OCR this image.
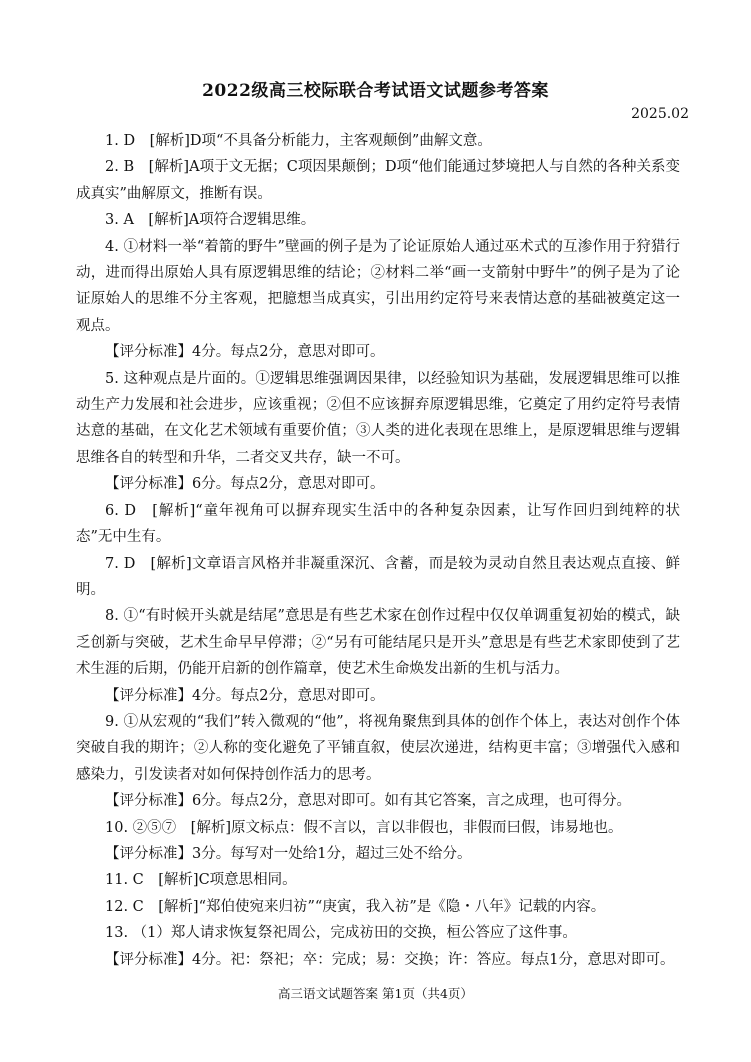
2022级高三校际联合考试语文试题参考答案
2025.02

1. D　[解析]D项“不具备分析能力，主客观颠倒”曲解文意。

2. B　[解析]A项于文无据；C项因果颠倒；D项“他们能通过梦境把人与自然的各种关系变成真实”曲解原文，推断有误。

3. A　[解析]A项符合逻辑思维。

4. ①材料一举“着箭的野牛”壁画的例子是为了论证原始人通过巫术式的互渗作用于狩猎行动，进而得出原始人具有原逻辑思维的结论；②材料二举“画一支箭射中野牛”的例子是为了论证原始人的思维不分主客观，把臆想当成真实，引出用约定符号来表情达意的基础被奠定这一观点。

【评分标准】4分。每点2分，意思对即可。

5. 这种观点是片面的。①逻辑思维强调因果律，以经验知识为基础，发展逻辑思维可以推动生产力发展和社会进步，应该重视；②但不应该摒弃原逻辑思维，它奠定了用约定符号表情达意的基础，在文化艺术领域有重要价值；③人类的进化表现在思维上，是原逻辑思维与逻辑思维各自的转型和升华，二者交叉共存，缺一不可。

【评分标准】6分。每点2分，意思对即可。

6. D　[解析]“童年视角可以摒弃现实生活中的各种复杂因素，让写作回归到纯粹的状态”无中生有。

7. D　[解析]文章语言风格并非凝重深沉、含蓄，而是较为灵动自然且表达观点直接、鲜明。

8. ①“有时候开头就是结尾”意思是有些艺术家在创作过程中仅仅单调重复初始的模式，缺乏创新与突破，艺术生命早早停滞；②“另有可能结尾只是开头”意思是有些艺术家即使到了艺术生涯的后期，仍能开启新的创作篇章，使艺术生命焕发出新的生机与活力。

【评分标准】4分。每点2分，意思对即可。

9. ①从宏观的“我们”转入微观的“他”，将视角聚焦到具体的创作个体上，表达对创作个体突破自我的期许；②人称的变化避免了平铺直叙，使层次递进，结构更丰富；③增强代入感和感染力，引发读者对如何保持创作活力的思考。

【评分标准】6分。每点2分，意思对即可。如有其它答案，言之成理，也可得分。

10. ②⑤⑦　[解析]原文标点：假不言以，言以非假也，非假而曰假，讳易地也。

【评分标准】3分。每写对一处给1分，超过三处不给分。

11. C　[解析]C项意思相同。

12. C　[解析]“郑伯使宛来归祊”“庚寅，我入祊”是《隐・八年》记载的内容。

13. （1）郑人请求恢复祭祀周公，完成祊田的交换，桓公答应了这件事。

【评分标准】4分。祀：祭祀；卒：完成；易：交换；许：答应。每点1分，意思对即可。

高三语文试题答案 第1页（共4页）
